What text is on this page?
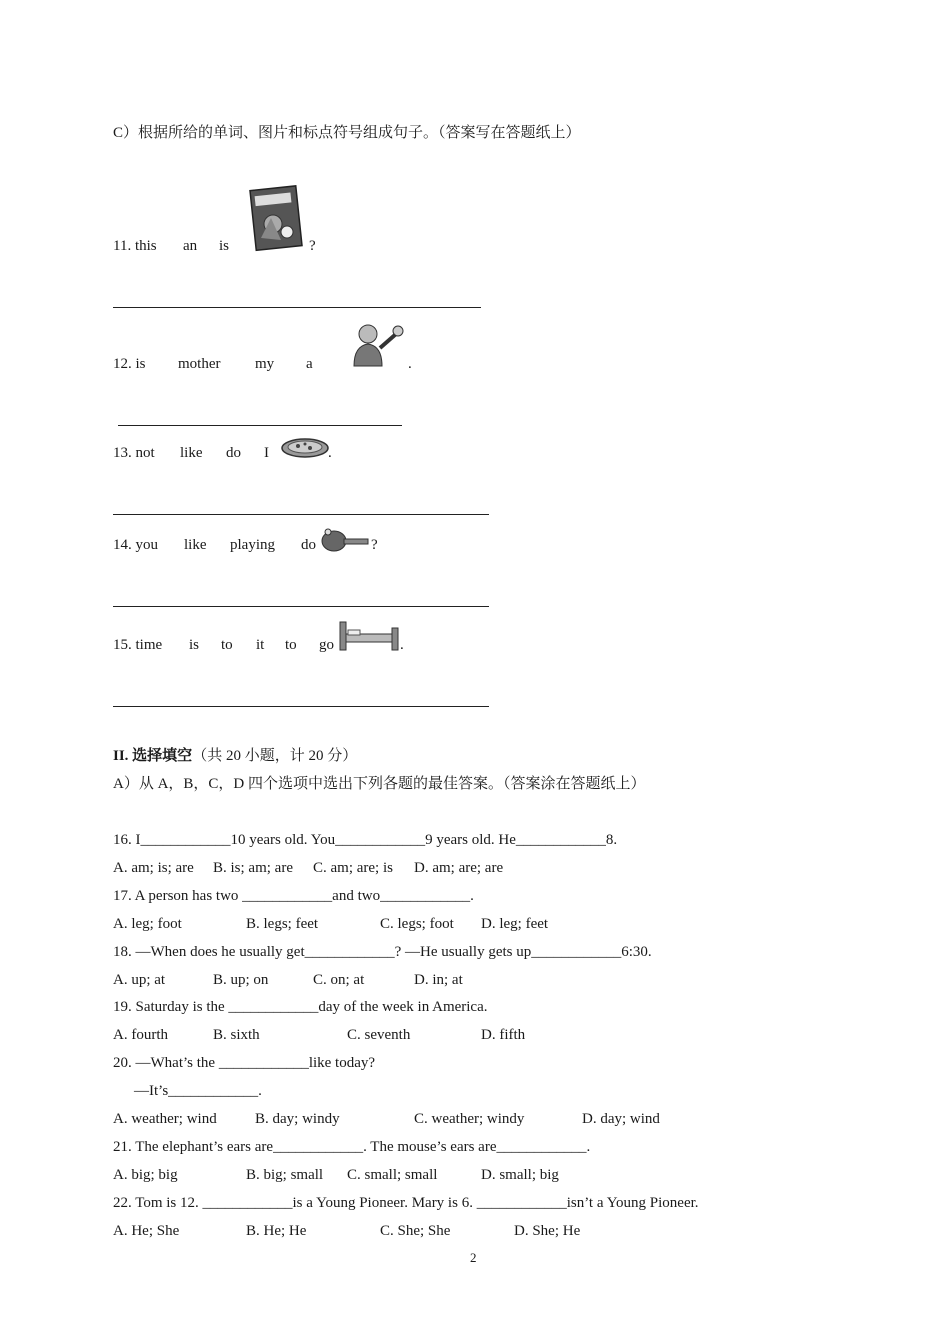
C）根据所给的单词、图片和标点符号组成句子。（答案写在答题纸上）
11. this an is	?
12. is mother my a	.
13. not like do I	.
14. you like playing do	?
15. time is to it to go	.
II. 选择填空（共 20 小题，计 20 分）
A）从 A，B，C，D 四个选项中选出下列各题的最佳答案。（答案涂在答题纸上）
16. I____________10 years old. You____________9 years old. He____________8.
A. am; is; are B. is; am; are C. am; are; is D. am; are; are
17. A person has two ____________and two____________.
A. leg; foot	B. legs; feet	C. legs; foot D. leg; feet
18. —When does he usually get____________? —He usually gets up____________6:30.
A. up; at	B. up; on	C. on; at	D. in; at
19. Saturday is the ____________day of the week in America.
A. fourth	B. sixth	C. seventh	D. fifth
20. —What’s the ____________like today?
—It’s____________.
A. weather; wind	B. day; windy	C. weather; windy	D. day; wind
21. The elephant’s ears are____________. The mouse’s ears are____________.
A. big; big	B. big; small C. small; small	D. small; big
22. Tom is 12. ____________is a Young Pioneer. Mary is 6. ____________isn’t a Young Pioneer.
A. He; She	B. He; He	C. She; She	D. She; He
2
